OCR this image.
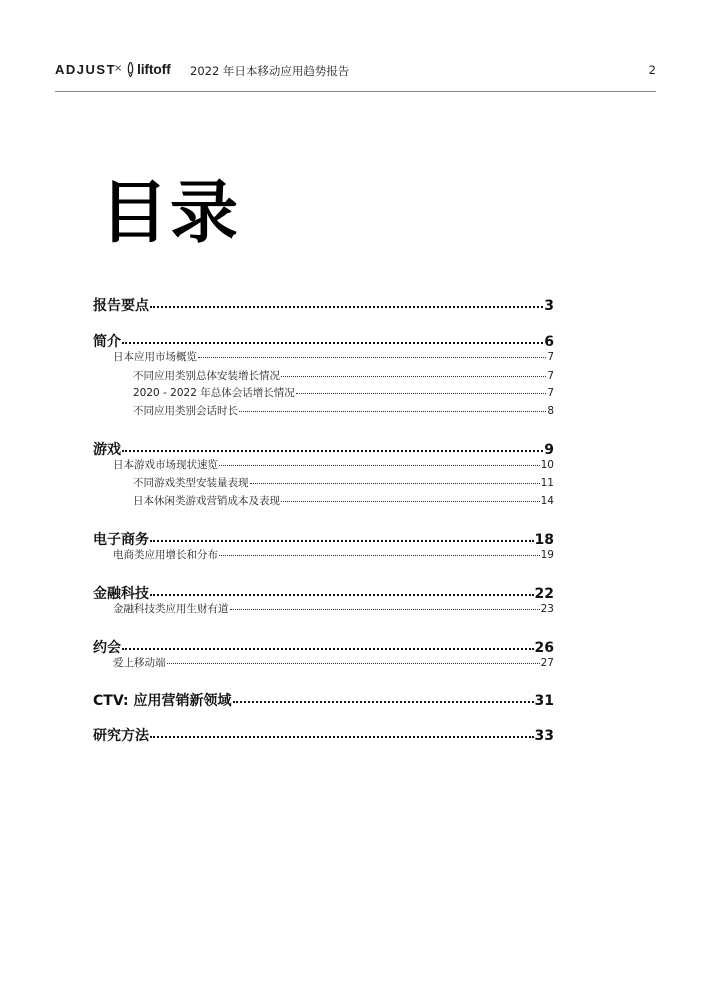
ADJUST
× liftoff 2022 年日本移动应用趋势报告	2
目录
报告要点	3
简介	6
日本应用市场概览	7
不同应用类别总体安装增长情况	7
2020 - 2022 年总体会话增长情况	7
不同应用类别会话时长	8
游戏	9
日本游戏市场现状速览	10
不同游戏类型安装量表现	11
日本休闲类游戏营销成本及表现	14
电子商务	18
电商类应用增长和分布	19
金融科技	22
金融科技类应用生财有道	23
约会	26
爱上移动端	27
CTV: 应用营销新领域	31
研究方法	33
